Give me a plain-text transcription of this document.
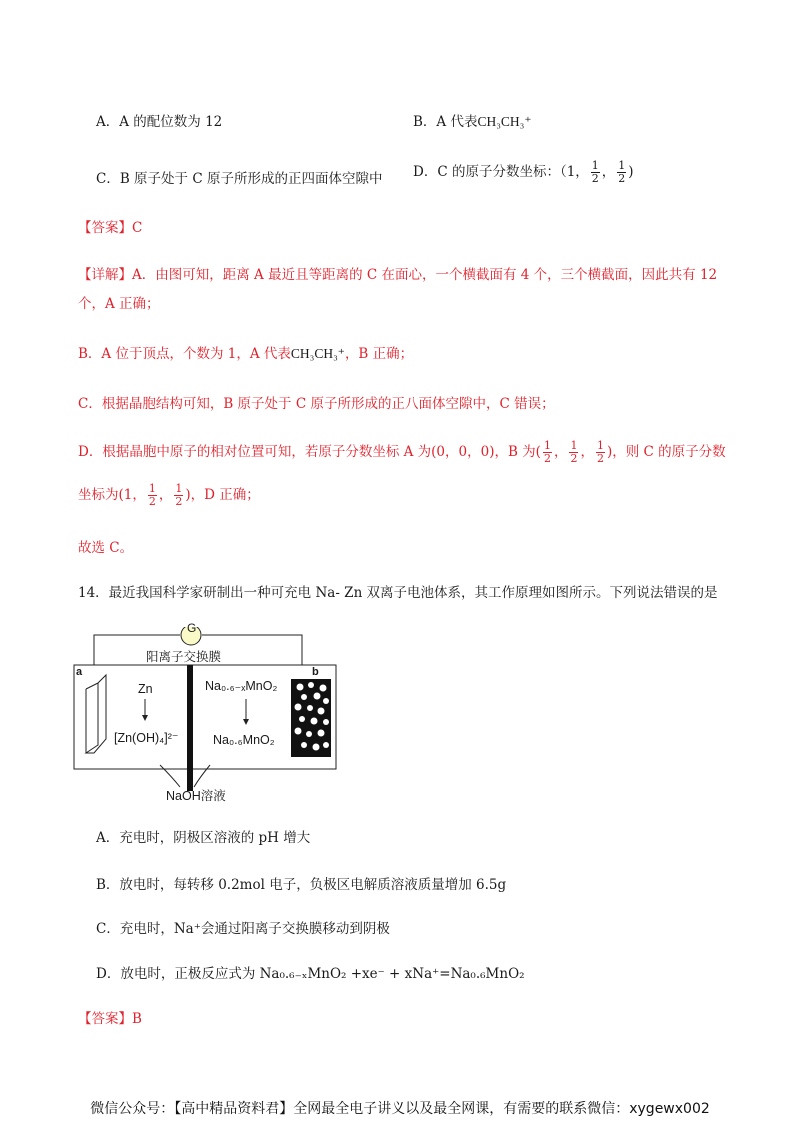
A．A 的配位数为 12	B．A 代表CH₃CH₃⁺
C．B 原子处于 C 原子所形成的正四面体空隙中 D．C 的原子分数坐标：（1， $\frac{1}{2}$ ， $\frac{1}{2}$ )
【答案】C
【详解】A．由图可知，距离 A 最近且等距离的 C 在面心，一个横截面有 4 个，三个横截面，因此共有 12
个，A 正确；
B．A 位于顶点，个数为 1，A 代表CH₃CH₃⁺，B 正确；
C．根据晶胞结构可知，B 原子处于 C 原子所形成的正八面体空隙中，C 错误；
D．根据晶胞中原子的相对位置可知，若原子分数坐标 A 为(0，0，0)，B 为( $\frac{1}{2}$ ， $\frac{1}{2}$ ， $\frac{1}{2}$ )，则 C 的原子分数
坐标为(1， $\frac{1}{2}$ ， $\frac{1}{2}$ )，D 正确；
故选 C。
14．最近我国科学家研制出一种可充电 Na- Zn 双离子电池体系，其工作原理如图所示。下列说法错误的是
G
阳离子交换膜
a	b
Zn
[Zn(OH)₄]²⁻
Na₀.₆₋ₓMnO₂
Na₀.₆MnO₂
NaOH溶液
A．充电时，阴极区溶液的 pH 增大
B．放电时，每转移 0.2mol 电子，负极区电解质溶液质量增加 6.5g
C．充电时，Na⁺会通过阳离子交换膜移动到阴极
D．放电时，正极反应式为 Na₀.₆₋ₓMnO₂ +xe⁻ + xNa⁺=Na₀.₆MnO₂
【答案】B
微信公众号：【高中精品资料君】全网最全电子讲义以及最全网课，有需要的联系微信：xygewx002
